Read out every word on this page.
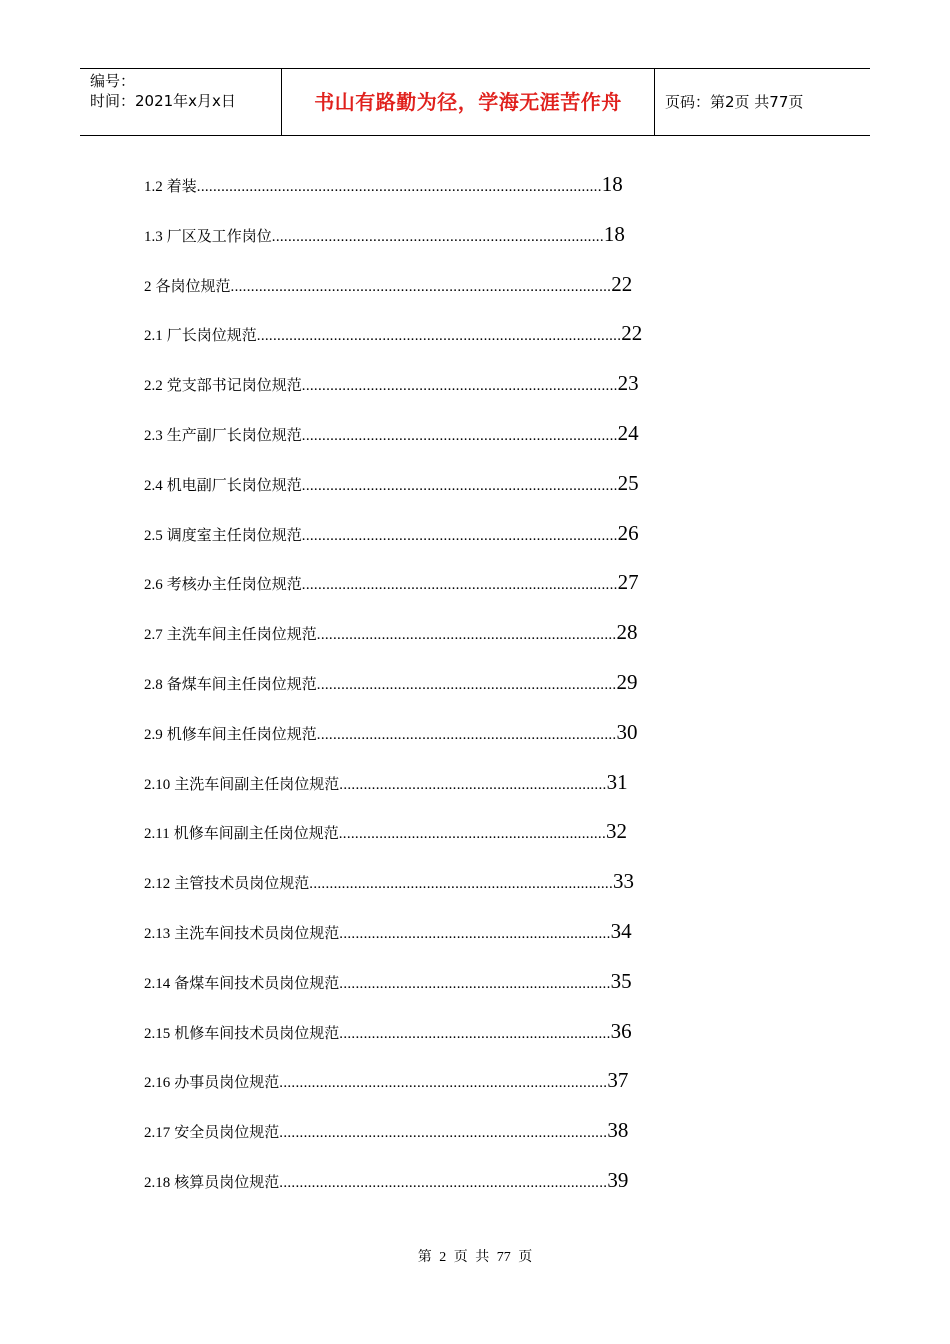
编号：
时间：2021年x月x日	书山有路勤为径，学海无涯苦作舟	页码：第2页 共77页
1.2 着装....................................................................................................18
1.3 厂区及工作岗位..................................................................................18
2 各岗位规范..............................................................................................22
2.1 厂长岗位规范..........................................................................................22
2.2 党支部书记岗位规范..............................................................................23
2.3 生产副厂长岗位规范..............................................................................24
2.4 机电副厂长岗位规范..............................................................................25
2.5 调度室主任岗位规范..............................................................................26
2.6 考核办主任岗位规范..............................................................................27
2.7 主洗车间主任岗位规范..........................................................................28
2.8 备煤车间主任岗位规范..........................................................................29
2.9 机修车间主任岗位规范..........................................................................30
2.10 主洗车间副主任岗位规范..................................................................31
2.11 机修车间副主任岗位规范..................................................................32
2.12 主管技术员岗位规范...........................................................................33
2.13 主洗车间技术员岗位规范...................................................................34
2.14 备煤车间技术员岗位规范...................................................................35
2.15 机修车间技术员岗位规范...................................................................36
2.16 办事员岗位规范.................................................................................37
2.17 安全员岗位规范.................................................................................38
2.18 核算员岗位规范.................................................................................39
第 2 页 共 77 页
